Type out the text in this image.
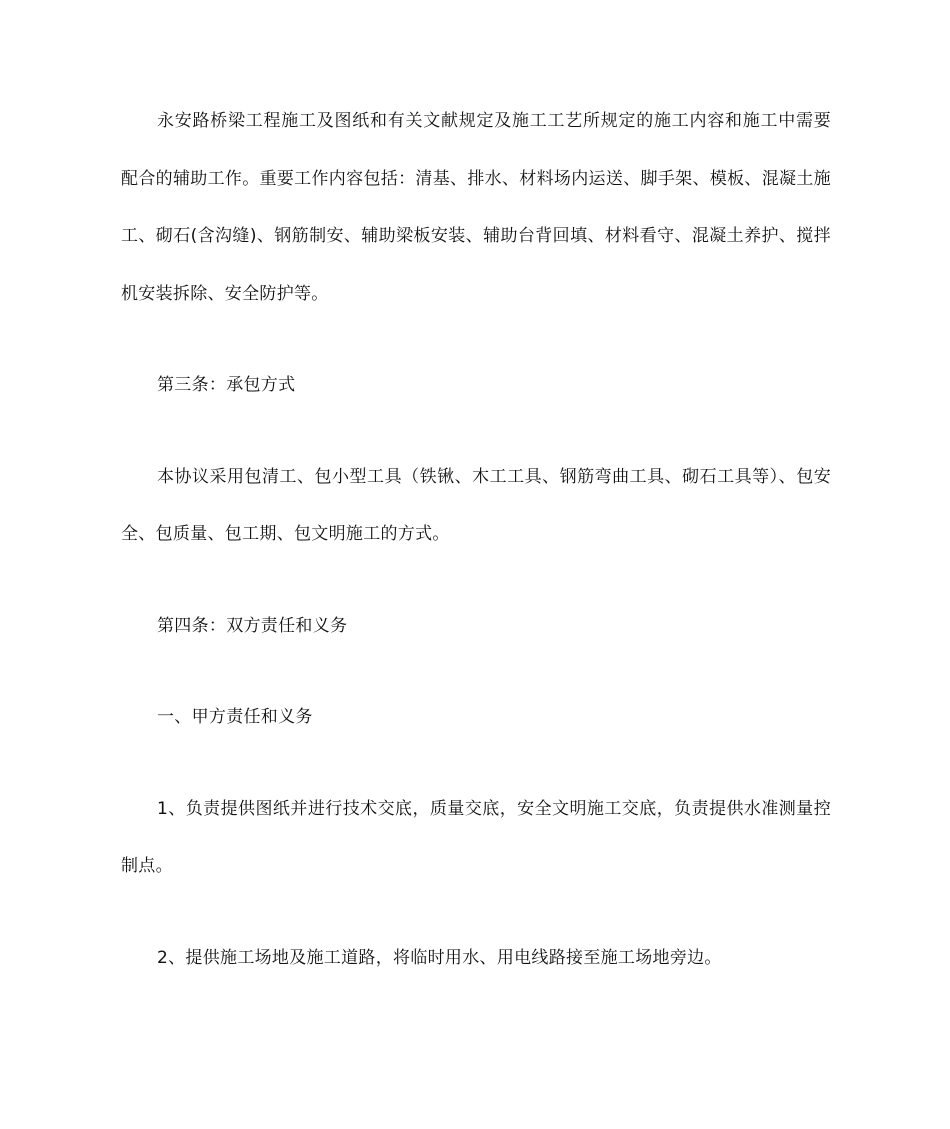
永安路桥梁工程施工及图纸和有关文献规定及施工工艺所规定的施工内容和施工中需要配合的辅助工作。重要工作内容包括：清基、排水、材料场内运送、脚手架、模板、混凝土施工、砌石(含沟缝)、钢筋制安、辅助梁板安装、辅助台背回填、材料看守、混凝土养护、搅拌机安装拆除、安全防护等。

第三条：承包方式

本协议采用包清工、包小型工具（铁锹、木工工具、钢筋弯曲工具、砌石工具等）、包安全、包质量、包工期、包文明施工的方式。

第四条：双方责任和义务

一、甲方责任和义务

1、负责提供图纸并进行技术交底，质量交底，安全文明施工交底，负责提供水准测量控制点。

2、提供施工场地及施工道路，将临时用水、用电线路接至施工场地旁边。
